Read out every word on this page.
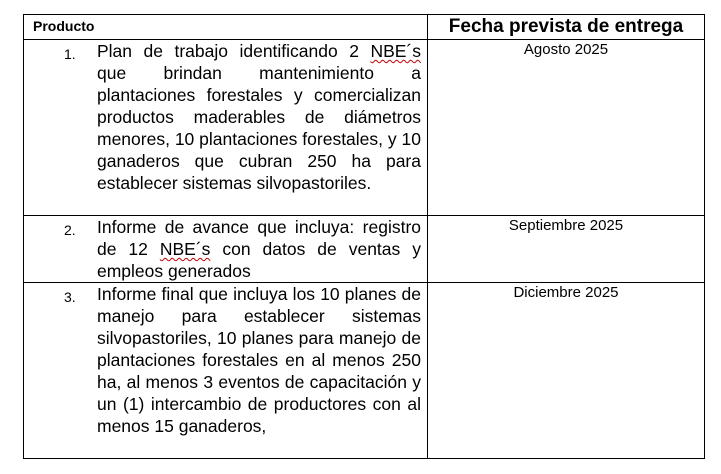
Producto	Fecha prevista de entrega

1. Plan de trabajo identificando 2 NBE´s que brindan mantenimiento a plantaciones forestales y comercializan productos maderables de diámetros menores, 10 plantaciones forestales, y 10 ganaderos que cubran 250 ha para establecer sistemas silvopastoriles.	Agosto 2025

2. Informe de avance que incluya: registro de 12 NBE´s con datos de ventas y empleos generados	Septiembre 2025

3. Informe final que incluya los 10 planes de manejo para establecer sistemas silvopastoriles, 10 planes para manejo de plantaciones forestales en al menos 250 ha, al menos 3 eventos de capacitación y un (1) intercambio de productores con al menos 15 ganaderos,	Diciembre 2025
